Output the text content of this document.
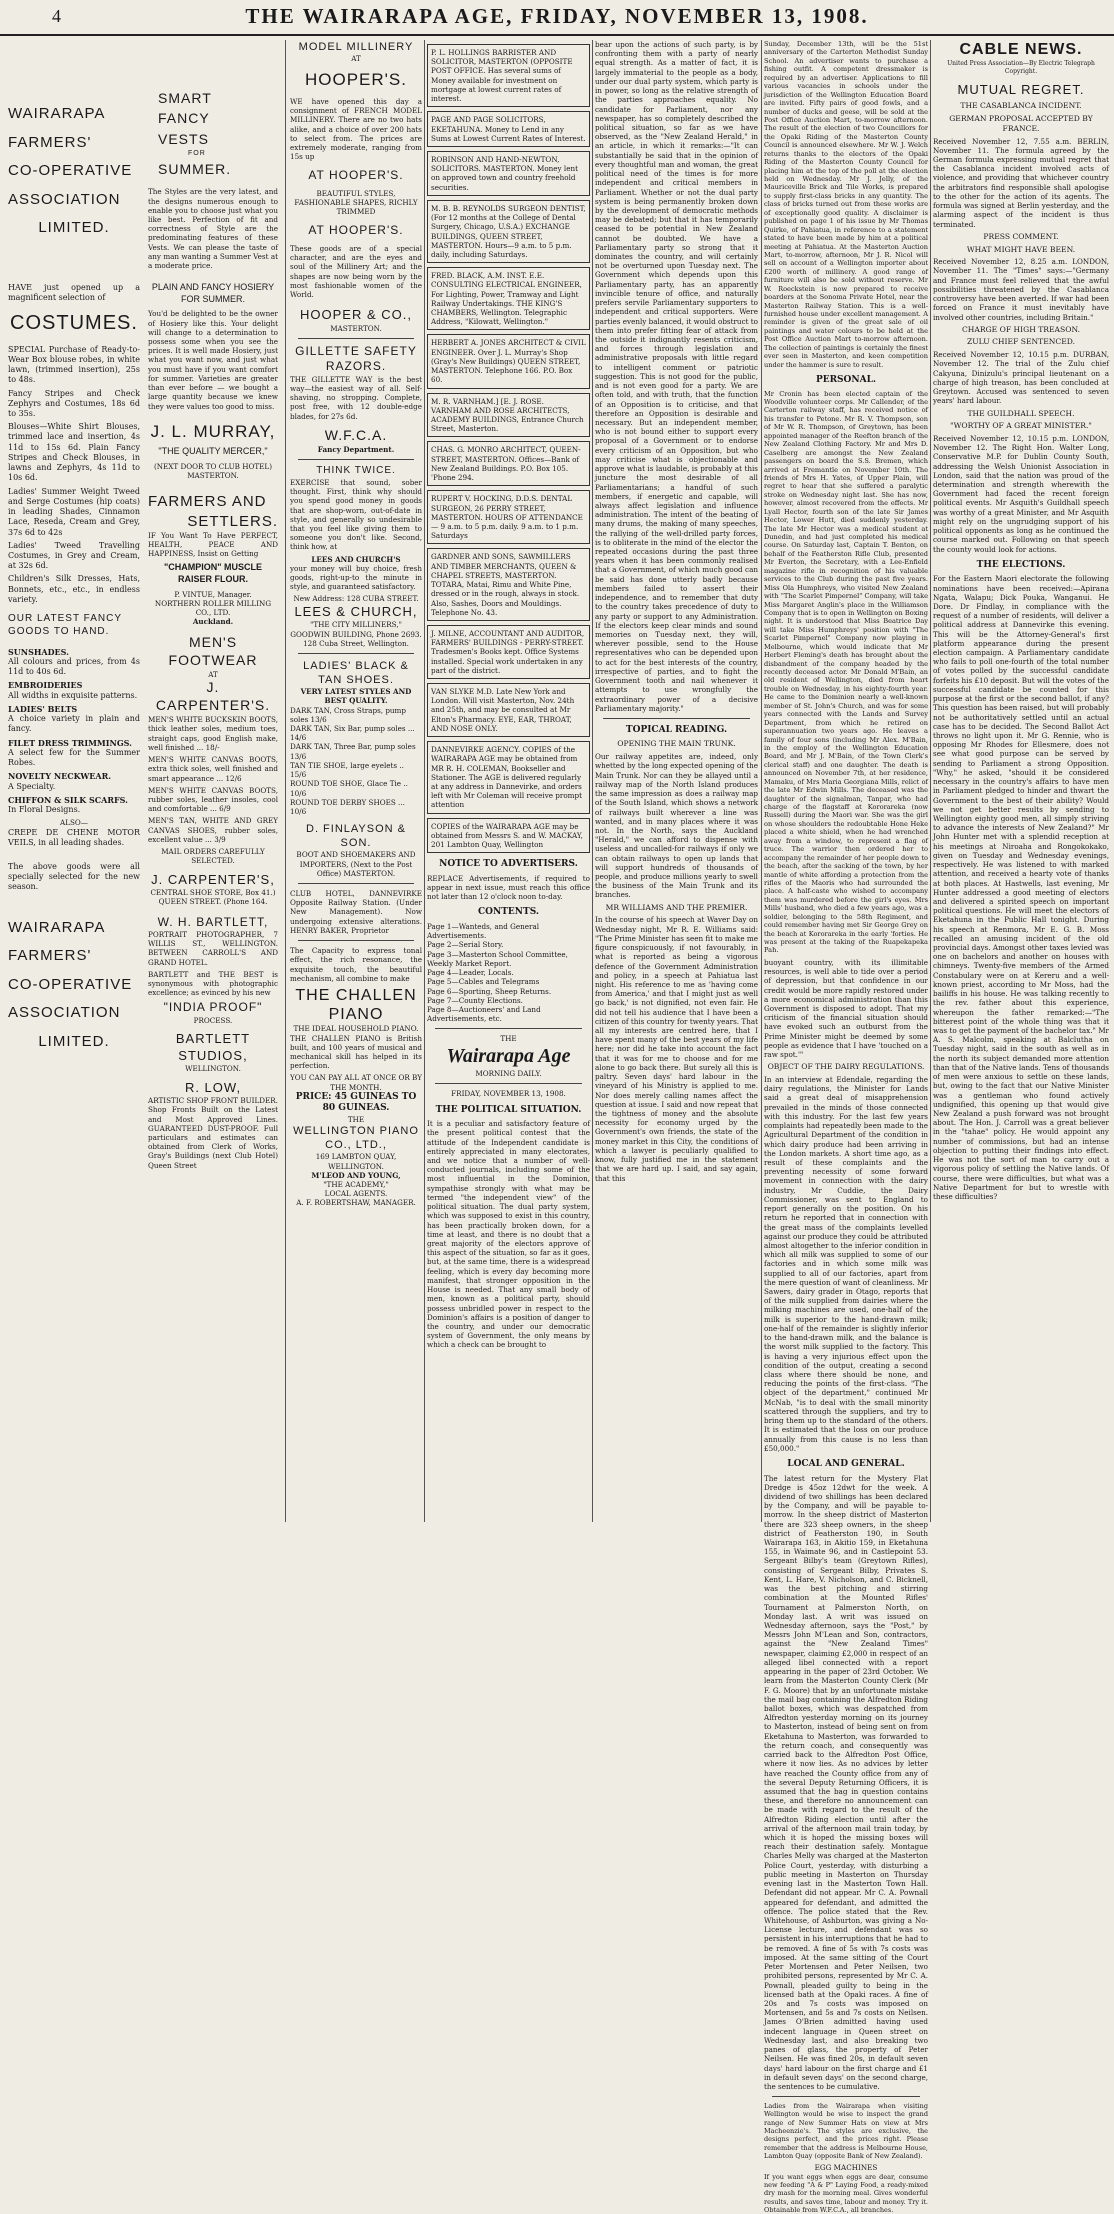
4	THE WAIRARAPA AGE, FRIDAY, NOVEMBER 13, 1908.
WAIRARAPA
FARMERS'
CO-OPERATIVE
ASSOCIATION
LIMITED.

HAVE just opened up a magnificent selection of

COSTUMES.

SPECIAL Purchase of Ready-to-Wear Box blouse robes, in white lawn, (trimmed insertion), 25s to 48s.

Fancy Stripes and Check Zephyrs and Costumes, 18s 6d to 35s.

Blouses—White Shirt Blouses, trimmed lace and insertion, 4s 11d to 15s 6d. Plain Fancy Stripes and Check Blouses, in lawns and Zephyrs, 4s 11d to 10s 6d.

Ladies' Summer Weight Tweed and Serge Costumes (hip coats) in leading Shades, Cinnamon Lace, Reseda, Cream and Grey, 37s 6d to 42s

Ladies' Tweed Travelling Costumes, in Grey and Cream, at 32s 6d.

Children's Silk Dresses, Hats, Bonnets, etc., etc., in endless variety.

OUR LATEST FANCY GOODS TO HAND.
SUNSHADES.

All colours and prices, from 4s 11d to 40s 6d.

EMBROIDERIES

All widths in exquisite patterns.

LADIES' BELTS

A choice variety in plain and fancy.

FILET DRESS TRIMMINGS.

A select few for the Summer Robes.

NOVELTY NECKWEAR.

A Specialty.

CHIFFON & SILK SCARFS.

In Floral Designs.

ALSO—

CREPE DE CHENE MOTOR VEILS, in all leading shades.

The above goods were all specially selected for the new season.

WAIRARAPA
FARMERS'
CO-OPERATIVE
ASSOCIATION
LIMITED.
SMART
FANCY
VESTS
FOR
SUMMER.

The Styles are the very latest, and the designs numerous enough to enable you to choose just what you like best. Perfection of fit and correctness of Style are the predominating features of these Vests. We can please the taste of any man wanting a Summer Vest at a moderate price.

PLAIN AND FANCY HOSIERY FOR SUMMER.

You'd be delighted to be the owner of Hosiery like this. Your delight will change to a determination to possess some when you see the prices. It is well made Hosiery, just what you want now, and just what you must have if you want comfort for summer. Varieties are greater than ever before — we bought a large quantity because we knew they were values too good to miss.

J. L. MURRAY,
"THE QUALITY MERCER,"
(NEXT DOOR TO CLUB HOTEL)
MASTERTON.
FARMERS AND
SETTLERS.

IF You Want To Have PERFECT, HEALTH, PEACE AND HAPPINESS, Insist on Getting

"CHAMPION" MUSCLE RAISER FLOUR.
P. VINTUE, Manager.
NORTHERN ROLLER MILLING CO., LTD.
Auckland.
MEN'S FOOTWEAR
AT
J. CARPENTER'S.

MEN'S WHITE BUCKSKIN BOOTS, thick leather soles, medium toes, straight caps, good English make, well finished ... 18/-

MEN'S WHITE CANVAS BOOTS, extra thick soles, well finished and smart appearance ... 12/6

MEN'S WHITE CANVAS BOOTS, rubber soles, leather insoles, cool and comfortable ... 6/9

MEN'S TAN, WHITE AND GREY CANVAS SHOES, rubber soles, excellent value ... 3/9

MAIL ORDERS CAREFULLY SELECTED.
J. CARPENTER'S,
CENTRAL SHOE STORE, Box 41.) QUEEN STREET. (Phone 164.
W. H. BARTLETT,

PORTRAIT PHOTOGRAPHER, 7 WILLIS ST., WELLINGTON. BETWEEN CARROLL'S AND GRAND HOTEL.

BARTLETT and THE BEST is synonymous with photographic excellence; as evinced by his new

"INDIA PROOF"
PROCESS.
BARTLETT STUDIOS,
WELLINGTON.
R. LOW,
ARTISTIC SHOP FRONT BUILDER.

Shop Fronts Built on the Latest and Most Approved Lines. GUARANTEED DUST-PROOF. Full particulars and estimates can obtained from Clerk of Works, Gray's Buildings (next Club Hotel) Queen Street

MODEL MILLINERY
AT
HOOPER'S.

WE have opened this day a consignment of FRENCH MODEL MILLINERY. There are no two hats alike, and a choice of over 200 hats to select from. The prices are extremely moderate, ranging from 15s up

AT HOOPER'S.
BEAUTIFUL STYLES, FASHIONABLE SHAPES, RICHLY TRIMMED
AT HOOPER'S.

These goods are of a special character, and are the eyes and soul of the Millinery Art; and the shapes are now being worn by the most fashionable women of the World.

HOOPER & CO.,
MASTERTON.
GILLETTE SAFETY RAZORS.

THE GILLETTE WAY is the best way—the easiest way of all. Self-shaving, no stropping. Complete, post free, with 12 double-edge blades, for 27s 6d.

W.F.C.A.
Fancy Department.
THINK TWICE.

EXERCISE that sound, sober thought. First, think why should you spend good money in goods that are shop-worn, out-of-date in style, and generally so undesirable that you feel like giving them to someone you don't like. Second, think how, at

LEES AND CHURCH'S

your money will buy choice, fresh goods, right-up-to the minute in style, and guaranteed satisfactory.

New Address: 128 CUBA STREET.
LEES & CHURCH,
"THE CITY MILLINERS,"
GOODWIN BUILDING, Phone 2693. 128 Cuba Street, Wellington.
LADIES' BLACK & TAN SHOES.
VERY LATEST STYLES AND BEST QUALITY.
DARK TAN, Cross Straps, pump soles 13/6
DARK TAN, Six Bar, pump soles ... 14/6
DARK TAN, Three Bar, pump soles 13/6
TAN TIE SHOE, large eyelets .. 15/6
ROUND TOE SHOE, Glace Tie .. 10/6
ROUND TOE DERBY SHOES ... 10/6
D. FINLAYSON & SON.
BOOT AND SHOEMAKERS AND IMPORTERS, (Next to the Post Office) MASTERTON.

CLUB HOTEL, DANNEVIRKE Opposite Railway Station. (Under New Management). Now undergoing extensive alterations. HENRY BAKER, Proprietor

The Capacity to express tonal effect, the rich resonance, the exquisite touch, the beautiful mechanism, all combine to make

THE CHALLEN PIANO
THE IDEAL HOUSEHOLD PIANO.

THE CHALLEN PIANO is British built, and 100 years of musical and mechanical skill has helped in its perfection.

YOU CAN PAY ALL AT ONCE OR BY THE MONTH.
PRICE: 45 GUINEAS TO 80 GUINEAS.
THE
WELLINGTON PIANO CO., LTD.,
169 LAMBTON QUAY, WELLINGTON.
M'LEOD AND YOUNG,
"THE ACADEMY,"
LOCAL AGENTS.
A. F. ROBERTSHAW, MANAGER.
P. L. HOLLINGS BARRISTER AND SOLICITOR, MASTERTON (OPPOSITE POST OFFICE. Has several sums of Money available for investment on mortgage at lowest current rates of interest.
PAGE AND PAGE SOLICITORS, EKETAHUNA. Money to Lend in any Sums at Lowest Current Rates of Interest.
ROBINSON AND HAND-NEWTON, SOLICITORS. MASTERTON. Money lent on approved town and country freehold securities.
M. B. B. REYNOLDS SURGEON DENTIST, (For 12 months at the College of Dental Surgery, Chicago, U.S.A.) EXCHANGE BUILDINGS, QUEEN STREET, MASTERTON. Hours—9 a.m. to 5 p.m. daily, including Saturdays.
FRED. BLACK, A.M. INST. E.E. CONSULTING ELECTRICAL ENGINEER, For Lighting, Power, Tramway and Light Railway Undertakings. THE KING'S CHAMBERS, Wellington. Telegraphic Address, "Kilowatt, Wellington."
HERBERT A. JONES ARCHITECT & CIVIL ENGINEER. Over J. L. Murray's Shop (Gray's New Buildings) QUEEN STREET, MASTERTON. Telephone 166. P.O. Box 60.
M. R. VARNHAM.] [E. J. ROSE. VARNHAM AND ROSE ARCHITECTS, ACADEMY BUILDINGS, Entrance Church Street, Masterton.
CHAS. G. MONRO ARCHITECT, QUEEN-STREET, MASTERTON. Offices—Bank of New Zealand Buildings. P.O. Box 105. 'Phone 294.
RUPERT V. HOCKING, D.D.S. DENTAL SURGEON, 26 PERRY STREET, MASTERTON. HOURS OF ATTENDANCE— 9 a.m. to 5 p.m. daily. 9 a.m. to 1 p.m. Saturdays
GARDNER AND SONS, SAWMILLERS AND TIMBER MERCHANTS, QUEEN & CHAPEL STREETS, MASTERTON. TOTARA, Matai, Rimu and White Pine, dressed or in the rough, always in stock. Also, Sashes, Doors and Mouldings. Telephone No. 43.
J. MILNE, ACCOUNTANT AND AUDITOR, FARMERS' BUILDINGS - PERRY-STREET. Tradesmen's Books kept. Office Systems installed. Special work undertaken in any part of the district.
VAN SLYKE M.D. Late New York and London. Will visit Masterton, Nov. 24th and 25th, and may be consulted at Mr Elton's Pharmacy. EYE, EAR, THROAT, AND NOSE ONLY.
DANNEVIRKE AGENCY. COPIES of the WAIRARAPA AGE may be obtained from MR R. H. COLEMAN, Bookseller and Stationer. The AGE is delivered regularly at any address in Dannevirke, and orders left with Mr Coleman will receive prompt attention
COPIES of the WAIRARAPA AGE may be obtained from Messrs S. and W. MACKAY, 201 Lambton Quay, Wellington
NOTICE TO ADVERTISERS.

REPLACE Advertisements, if required to appear in next issue, must reach this office not later than 12 o'clock noon to-day.

CONTENTS.
Page 1—Wanteds, and General Advertisements.
Page 2—Serial Story.
Page 3—Masterton School Committee, Weekly Market Report.
Page 4—Leader, Locals.
Page 5—Cables and Telegrams
Page 6—Sporting, Sheep Returns.
Page 7—County Elections.
Page 8—Auctioneers' and Land Advertisements, etc.
THE
Wairarapa Age
MORNING DAILY.
FRIDAY, NOVEMBER 13, 1908.
THE POLITICAL SITUATION.

It is a peculiar and satisfactory feature of the present political contest that the attitude of the Independent candidate is entirely appreciated in many electorates, and we notice that a number of well-conducted journals, including some of the most influential in the Dominion, sympathise strongly with what may be termed "the independent view" of the political situation. The dual party system, which was supposed to exist in this country, has been practically broken down, for a time at least, and there is no doubt that a great majority of the electors approve of this aspect of the situation, so far as it goes, but, at the same time, there is a widespread feeling, which is every day becoming more manifest, that stronger opposition in the House is needed. That any small body of men, known as a political party, should possess unbridled power in respect to the Dominion's affairs is a position of danger to the country, and under our democratic system of Government, the only means by which a check can be brought to

bear upon the actions of such party, is by confronting them with a party of nearly equal strength. As a matter of fact, it is largely immaterial to the people as a body, under our dual party system, which party is in power, so long as the relative strength of the parties approaches equality. No candidate for Parliament, nor any newspaper, has so completely described the political situation, so far as we have observed, as the "New Zealand Herald," in an article, in which it remarks:—"It can substantially be said that in the opinion of every thoughtful man and woman, the great political need of the times is for more independent and critical members in Parliament. Whether or not the dual party system is being permanently broken down by the development of democratic methods may be debated; but that it has temporarily ceased to be potential in New Zealand cannot be doubted. We have a Parliamentary party so strong that it dominates the country, and will certainly not be overturned upon Tuesday next. The Government which depends upon this Parliamentary party, has an apparently invincible tenure of office, and naturally prefers servile Parliamentary supporters to independent and critical supporters. Were parties evenly balanced, it would obstruct to them into prefer fitting fear of attack from the outside it indignantly resents criticism, and forces through legislation and administrative proposals with little regard to intelligent comment or patriotic suggestion. This is not good for the public, and is not even good for a party. We are often told, and with truth, that the function of an Opposition is to criticise, and that therefore an Opposition is desirable and necessary. But an independent member, who is not bound either to support every proposal of a Government or to endorse every criticism of an Opposition, but who may criticise what is objectionable and approve what is laudable, is probably at this juncture the most desirable of all Parliamentarians; a handful of such members, if energetic and capable, will always affect legislation and influence administration. The intent of the beating of many drums, the making of many speeches, the rallying of the well-drilled party forces, is to obliterate in the mind of the elector the repeated occasions during the past three years when it has been commonly realised that a Government, of which much good can be said has done utterly badly because members failed to assert their independence, and to remember that duty to the country takes precedence of duty to any party or support to any Administration. If the electors keep clear minds and sound memories on Tuesday next, they will, wherever possible, send to the House representatives who can be depended upon to act for the best interests of the country, irrespective of parties, and to fight the Government tooth and nail whenever it attempts to use wrongfully the extraordinary power of a decisive Parliamentary majority."

TOPICAL READING.
OPENING THE MAIN TRUNK.

Our railway appetites are, indeed, only whetted by the long expected opening of the Main Trunk. Nor can they be allayed until a railway map of the North Island produces the same impression as does a railway map of the South Island, which shows a network of railways built wherever a line was wanted, and in many places where it was not. In the North, says the Auckland "Herald," we can afford to dispense with useless and uncalled-for railways if only we can obtain railways to open up lands that will support hundreds of thousands of people, and produce millions yearly to swell the business of the Main Trunk and its branches.

MR WILLIAMS AND THE PREMIER.

In the course of his speech at Waver Day on Wednesday night, Mr R. E. Williams said: "The Prime Minister has seen fit to make me figure conspicuously, if not favourably, in what is reported as being a vigorous defence of the Government Administration and policy, in a speech at Pahiatua last night. His reference to me as 'having come from America,' and that I might just as well go back,' is not dignified, not even fair. He did not tell his audience that I have been a citizen of this country for twenty years. That all my interests are centred here, that I have spent many of the best years of my life here; nor did he take into account the fact that it was for me to choose and for me alone to go back there. But surely all this is paltry. Seven days' hard labour in the vineyard of his Ministry is applied to me. Nor does merely calling names affect the question at issue. I said and now repeat that the tightness of money and the absolute necessity for economy urged by the Government's own friends, the state of the money market in this City, the conditions of which a lawyer is peculiarly qualified to know, fully justified me in the statement that we are hard up. I said, and say again, that this

Sunday, December 13th, will be the 51st anniversary of the Carterton Methodist Sunday School. An advertiser wants to purchase a fishing outfit. A competent dressmaker is required by an advertiser. Applications to fill various vacancies in schools under the jurisdiction of the Wellington Education Board are invited. Fifty pairs of good fowls, and a number of ducks and geese, will be sold at the Post Office Auction Mart, to-morrow afternoon. The result of the election of two Councillors for the Opaki Riding of the Masterton County Council is announced elsewhere. Mr W. J. Welch returns thanks to the electors of the Opaki Riding of the Masterton County Council for placing him at the top of the poll at the election held on Wednesday. Mr J. Jelly, of the Mauriceville Brick and Tile Works, is prepared to supply first-class bricks in any quantity. The class of bricks turned out from these works are of exceptionally good quality. A disclaimer is published on page 1 of his issue by Mr Thomas Quirke, of Pahiatua, in reference to a statement stated to have been made by him at a political meeting at Pahiatua. At the Masterton Auction Mart, to-morrow, afternoon, Mr J. R. Nicol will sell on account of a Wellington importer about £200 worth of millinery. A good range of furniture will also be sold without reserve. Mr W. Roeckstein is now prepared to receive boarders at the Sonoma Private Hotel, near the Masterton Railway Station. This is a well-furnished house under excellent management. A reminder is given of the great sale of oil paintings and water colours to be held at the Post Office Auction Mart to-morrow afternoon. The collection of paintings is certainly the finest ever seen in Masterton, and keen competition under the hammer is sure to result.

PERSONAL.

Mr Cronin has been elected captain of the Woodville volunteer corps. Mr Callender, of the Carterton railway staff, has received notice of his transfer to Petone. Mr R. V. Thompson, son of Mr W. R. Thompson, of Greytown, has been appointed manager of the Reefton branch of the New Zealand Clothing Factory. Mr and Mrs D. Caselberg are amongst the New Zealand passengers on board the S.S. Bremen, which arrived at Fremantle on November 10th. The friends of Mrs H. Yates, of Upper Plain, will regret to hear that she suffered a paralytic stroke on Wednesday night last. She has now, however, almost recovered from the effects. Mr Lyall Hector, fourth son of the late Sir James Hector, Lower Hutt, died suddenly yesterday. The late Mr Hector was a medical student at Dunedin, and had just completed his medical course. On Saturday last, Captain T. Benton, on behalf of the Featherston Rifle Club, presented Mr Everton, the Secretary, with a Lee-Enfield magazine rifle in recognition of his valuable services to the Club during the past five years. Miss Ola Humphreys, who visited New Zealand with "The Scarlet Pimpernel" Company, will take Miss Margaret Anglin's place in the Williamson Company that is to open in Wellington on Boxing night. It is understood that Miss Beatrice Day will take Miss Humphreys' position with "The Scarlet Pimpernel" Company now playing in Melbourne, which would indicate that Mr Herbert Fleming's death has brought about the disbandment of the company headed by the recently deceased actor. Mr Donald M'Bain, an old resident of Wellington, died from heart trouble on Wednesday, in his eighty-fourth year. He came to the Dominion nearly a well-known member of St. John's Church, and was for some years connected with the Lands and Survey Department, from which he retired on superannuation two years ago. He leaves a family of four sons (including Mr Alex. M'Bain, in the employ of the Wellington Education Board, and Mr J. M'Bain, of the Town Clerk's clerical staff) and one daughter. The death is announced on November 7th, at her residence, Mamaku, of Mrs Maria Georgiana Mills, relict of the late Mr Edwin Mills. The deceased was the daughter of the signalman, Tanpar, who had charge of the flagstaff at Kororareka (now Russell) during the Maori war. She was the girl on whose shoulders the redoubtable Hone Heke placed a white shield, when he had wrenched away from a window, to represent a flag of truce. The warrior then ordered her to accompany the remainder of her people down to the beach, after the sacking of the town, by her mantle of white affording a protection from the rifles of the Maoris who had surrounded the place. A half-caste who wished to accompany them was murdered before the girl's eyes. Mrs Mills' husband, who died a few years ago, was a soldier, belonging to the 58th Regiment, and could remember having met Sir George Grey on the beach at Kororareka in the early 'forties. He was present at the taking of the Ruapekapeka Pah.

buoyant country, with its illimitable resources, is well able to tide over a period of depression, but that confidence in our credit would be more rapidly restored under a more economical administration than this Government is disposed to adopt. That my criticism of the financial situation should have evoked such an outburst from the Prime Minister might be deemed by some people as evidence that I have 'touched on a raw spot.'"

OBJECT OF THE DAIRY REGULATIONS.

In an interview at Edendale, regarding the dairy regulations, the Minister for Lands said a great deal of misapprehension prevailed in the minds of those connected with this industry. For the last few years complaints had repeatedly been made to the Agricultural Department of the condition in which dairy produce had been arriving in the London markets. A short time ago, as a result of these complaints and the preventing necessity of some forward movement in connection with the dairy industry, Mr Cuddie, the Dairy Commissioner, was sent to England to report generally on the position. On his return he reported that in connection with the great mass of the complaints levelled against our produce they could be attributed almost altogether to the inferior condition in which all milk was supplied to some of our factories and in which some milk was supplied to all of our factories, apart from the mere question of want of cleanliness. Mr Sawers, dairy grader in Otago, reports that of the milk supplied from dairies where the milking machines are used, one-half of the milk is superior to the hand-drawn milk; one-half of the remainder is slightly inferior to the hand-drawn milk, and the balance is the worst milk supplied to the factory. This is having a very injurious effect upon the condition of the output, creating a second class where there should be none, and reducing the points of the first-class. "The object of the department," continued Mr McNab, "is to deal with the small minority scattered through the suppliers, and try to bring them up to the standard of the others. It is estimated that the loss on our produce annually from this cause is no less than £50,000."

LOCAL AND GENERAL.

The latest return for the Mystery Flat Dredge is 45oz 12dwt for the week. A dividend of two shillings has been declared by the Company, and will be payable to-morrow. In the sheep district of Masterton there are 323 sheep owners, in the sheep district of Featherston 190, in South Wairarapa 163, in Akitio 159, in Eketahuna 155, in Waimate 96, and in Castlepoint 53. Sergeant Bilby's team (Greytown Rifles), consisting of Sergeant Bilby, Privates S. Kent, L. Hare, V. Nicholson, and C. Bicknell, was the best pitching and stirring combination at the Mounted Rifles' Tournament at Palmerston North, on Monday last. A writ was issued on Wednesday afternoon, says the "Post," by Messrs John M'Lean and Son, contractors, against the "New Zealand Times" newspaper, claiming £2,000 in respect of an alleged libel connected with a report appearing in the paper of 23rd October. We learn from the Masterton County Clerk (Mr F. G. Moore) that by an unfortunate mistake the mail bag containing the Alfredton Riding ballot boxes, which was despatched from Alfredton yesterday morning on its journey to Masterton, instead of being sent on from Eketahuna to Masterton, was forwarded to the return coach, and consequently was carried back to the Alfredton Post Office, where it now lies. As no advices by letter have reached the County office from any of the several Deputy Returning Officers, it is assumed that the bag in question contains these, and therefore no announcement can be made with regard to the result of the Alfredton Riding election until after the arrival of the afternoon mail train today, by which it is hoped the missing boxes will reach their destination safely. Montague Charles Melly was charged at the Masterton Police Court, yesterday, with disturbing a public meeting in Masterton on Thursday evening last in the Masterton Town Hall. Defendant did not appear. Mr C. A. Pownall appeared for defendant, and admitted the offence. The police stated that the Rev. Whitehouse, of Ashburton, was giving a No-License lecture, and defendant was so persistent in his interruptions that he had to be removed. A fine of 5s with 7s costs was imposed. At the same sitting of the Court Peter Mortensen and Peter Neilsen, two prohibited persons, represented by Mr C. A. Pownall, pleaded guilty to being in the licensed bath at the Opaki races. A fine of 20s and 7s costs was imposed on Mortensen, and 5s and 7s costs on Neilsen. James O'Brien admitted having used indecent language in Queen street on Wednesday last, and also breaking two panes of glass, the property of Peter Neilsen. He was fined 20s, in default seven days' hard labour on the first charge and £1 in default seven days' on the second charge, the sentences to be cumulative.

Ladies from the Wairarapa when visiting Wellington would be wise to inspect the grand range of New Summer Hats on view at Mrs Macheenzie's. The styles are exclusive, the designs perfect, and the prices right. Please remember that the address is Melbourne House, Lambton Quay (opposite Bank of New Zealand).

EGG MACHINES

If you want eggs when eggs are dear, consume new feeding "A & P" Laying Food, a ready-mixed dry mash for the morning meal. Gives wonderful results, and saves time, labour and money. Try it. Obtainable from W.F.C.A., all branches.

CABLE NEWS.
United Press Association—By Electric Telegraph Copyright.
MUTUAL REGRET.
THE CASABLANCA INCIDENT.
GERMAN PROPOSAL ACCEPTED BY FRANCE.

Received November 12, 7.55 a.m. BERLIN, November 11. The formula agreed by the German formula expressing mutual regret that the Casablanca incident involved acts of violence, and providing that whichever country the arbitrators find responsible shall apologise to the other for the action of its agents. The formula was signed at Berlin yesterday, and the alarming aspect of the incident is thus terminated.

PRESS COMMENT.
WHAT MIGHT HAVE BEEN.

Received November 12, 8.25 a.m. LONDON, November 11. The "Times" says:—"Germany and France must feel relieved that the awful possibilities threatened by the Casablanca controversy have been averted. If war had been forced on France it must inevitably have involved other countries, including Britain."

CHARGE OF HIGH TREASON.
ZULU CHIEF SENTENCED.

Received November 12, 10.15 p.m. DURBAN, November 12. The trial of the Zulu chief Cakyuna, Dinizulu's principal lieutenant on a charge of high treason, has been concluded at Greytown. Accused was sentenced to seven years' hard labour.

THE GUILDHALL SPEECH.
"WORTHY OF A GREAT MINISTER."

Received November 12, 10.15 p.m. LONDON, November 12. The Right Hon. Walter Long, Conservative M.P. for Dublin County South, addressing the Welsh Unionist Association in London, said that the nation was proud of the determination and strength wherewith the Government had faced the recent foreign political events. Mr Asquith's Guildhall speech was worthy of a great Minister, and Mr Asquith might rely on the ungrudging support of his political opponents as long as he continued the course marked out. Following on that speech the county would look for actions.

THE ELECTIONS.

For the Eastern Maori electorate the following nominations have been received:—Apirana Ngata, Walapu; Dick Pouka, Wanganui. He Dore. Dr Findlay, in compliance with the request of a number of residents, will deliver a political address at Dannevirke this evening. This will be the Attorney-General's first platform appearance during the present election campaign. A Parliamentary candidate who fails to poll one-fourth of the total number of votes polled by the successful candidate forfeits his £10 deposit. But will the votes of the successful candidate be counted for this purpose at the first or the second ballot, if any? This question has been raised, but will probably not be authoritatively settled until an actual case has to be decided. The Second Ballot Act throws no light upon it. Mr G. Rennie, who is opposing Mr Rhodes for Ellesmere, does not see what good purpose can be served by sending to Parliament a strong Opposition. "Why," he asked, "should it be considered necessary in the country's affairs to have men in Parliament pledged to hinder and thwart the Government to the best of their ability? Would we not get better results by sending to Wellington eighty good men, all simply striving to advance the interests of New Zealand?" Mr John Hunter met with a splendid reception at his meetings at Niroaha and Rongokokako, given on Tuesday and Wednesday evenings, respectively. He was listened to with marked attention, and received a hearty vote of thanks at both places. At Hastwells, last evening, Mr Hunter addressed a good meeting of electors and delivered a spirited speech on important political questions. He will meet the electors of Eketahuna in the Public Hall tonight. During his speech at Renmora, Mr E. G. B. Moss recalled an amusing incident of the old provincial days. Amongst other taxes levied was one on bachelors and another on houses with chimneys. Twenty-five members of the Armed Constabulary were on at Kereru and a well-known priest, according to Mr Moss, had the bailiffs in his house. He was talking recently to the rev. father about this experience, whereupon the father remarked:—"The bitterest point of the whole thing was that it was to get the payment of the bachelor tax." Mr A. S. Malcolm, speaking at Balclutha on Tuesday night, said in the south as well as in the north its subject demanded more attention than that of the Native lands. Tens of thousands of men were anxious to settle on these lands, but, owing to the fact that our Native Minister was a gentleman who found actively undignified, this opening up that would give New Zealand a push forward was not brought about. The Hon. J. Carroll was a great believer in the "tahae" policy. He would appoint any number of commissions, but had an intense objection to putting their findings into effect. He was not the sort of man to carry out a vigorous policy of settling the Native lands. Of course, there were difficulties, but what was a Native Department for but to wrestle with these difficulties?
